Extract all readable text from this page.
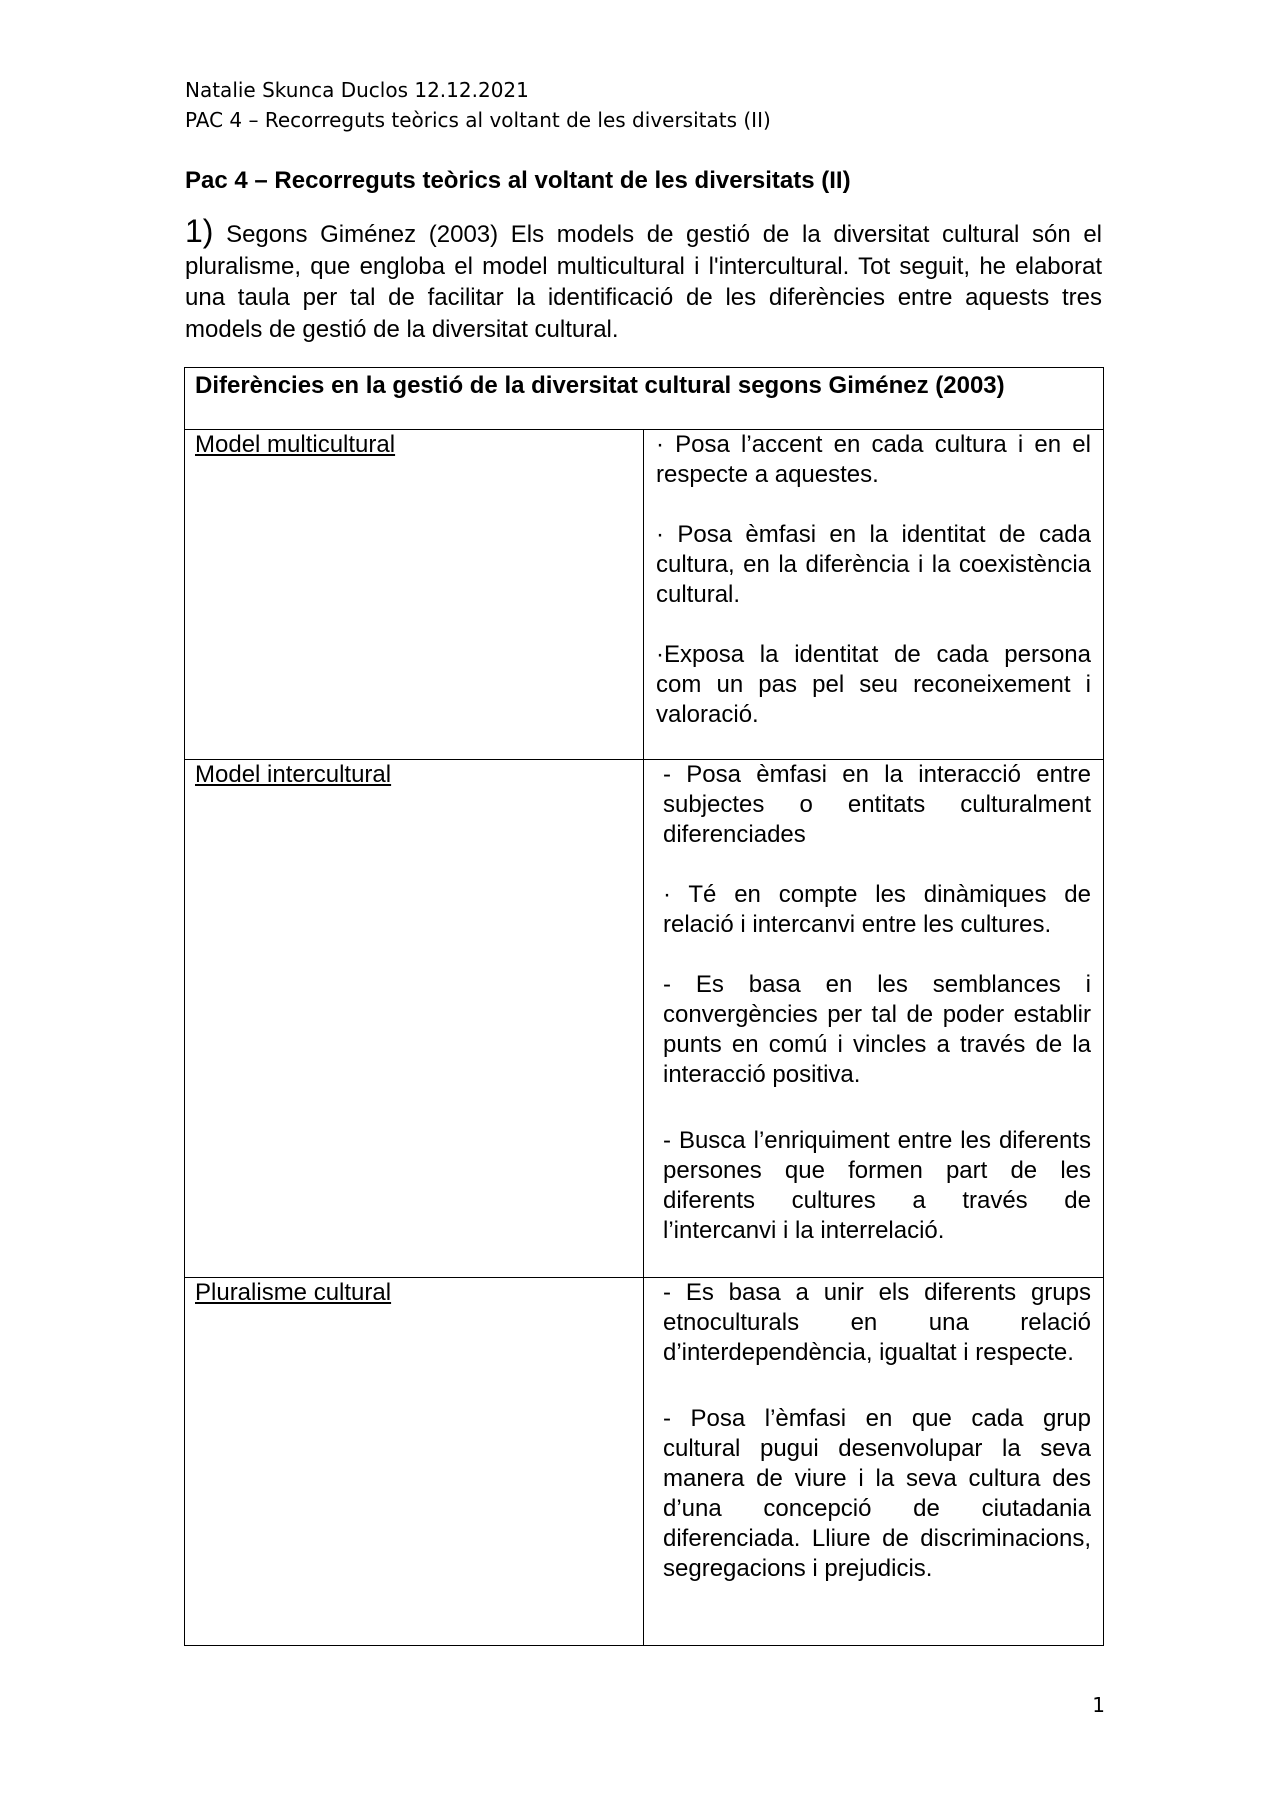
Natalie Skunca Duclos 12.12.2021
PAC 4 – Recorreguts teòrics al voltant de les diversitats (II)
Pac 4 – Recorreguts teòrics al voltant de les diversitats (II)
1) Segons Giménez (2003) Els models de gestió de la diversitat cultural són el pluralisme, que engloba el model multicultural i l'intercultural. Tot seguit, he elaborat una taula per tal de facilitar la identificació de les diferències entre aquests tres models de gestió de la diversitat cultural.
Diferències en la gestió de la diversitat cultural segons Giménez (2003)	

Model multicultural	· Posa l’accent en cada cultura i en el respecte a aquestes.

· Posa èmfasi en la identitat de cada cultura, en la diferència i la coexistència cultural.

·Exposa la identitat de cada persona com un pas pel seu reconeixement i valoració.

Model intercultural	- Posa èmfasi en la interacció entre subjectes o entitats culturalment diferenciades

· Té en compte les dinàmiques de relació i intercanvi entre les cultures.

- Es basa en les semblances i convergències per tal de poder establir punts en comú i vincles a través de la interacció positiva.

- Busca l’enriquiment entre les diferents persones que formen part de les diferents cultures a través de l’intercanvi i la interrelació.

Pluralisme cultural	- Es basa a unir els diferents grups etnoculturals en una relació d’interdependència, igualtat i respecte.

- Posa l’èmfasi en que cada grup cultural pugui desenvolupar la seva manera de viure i la seva cultura des d’una concepció de ciutadania diferenciada. Lliure de discriminacions, segregacions i prejudicis.

1
